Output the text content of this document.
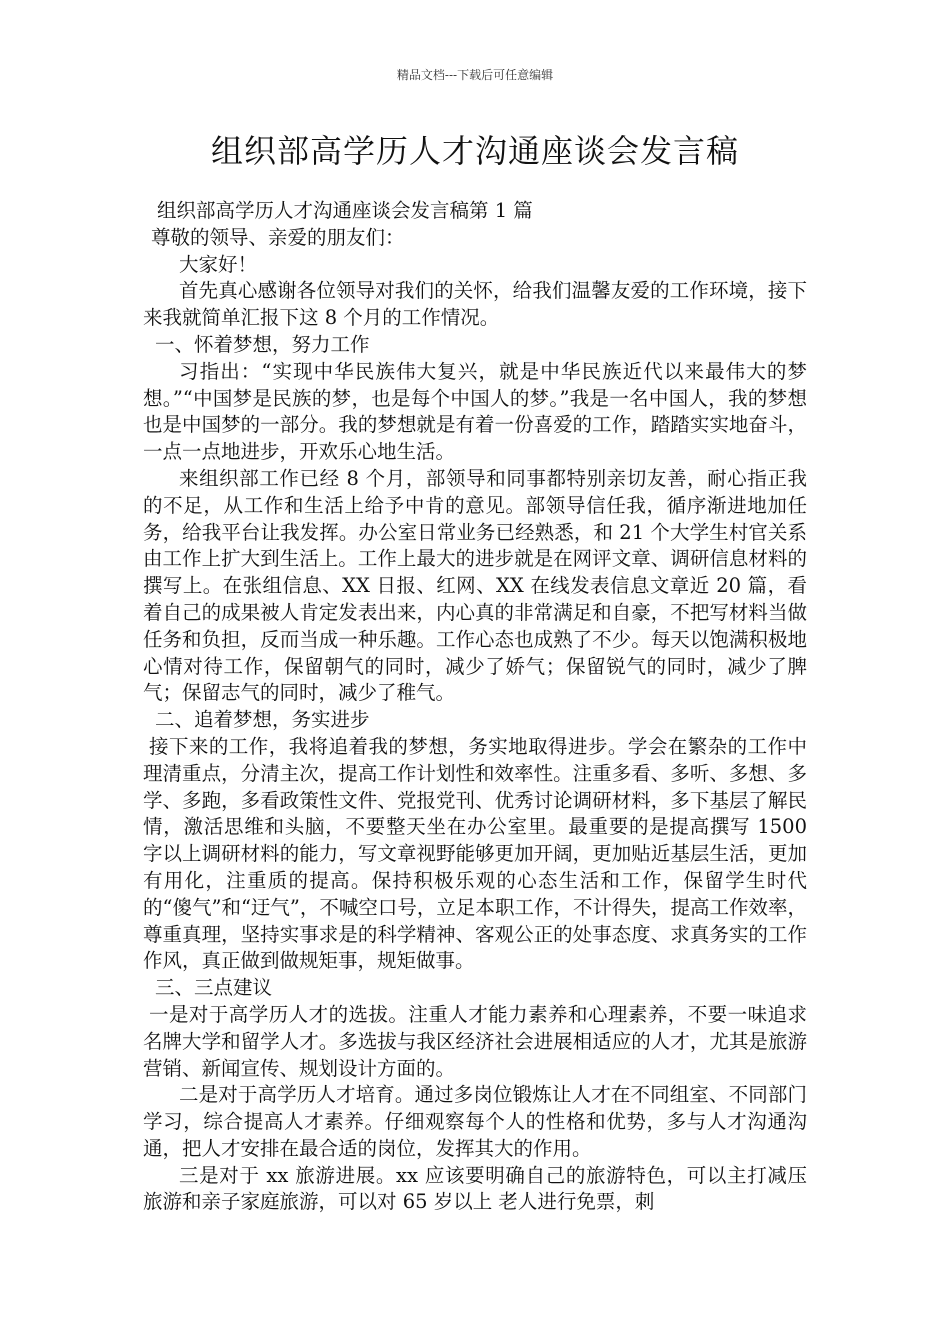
精品文档---下载后可任意编辑
组织部高学历人才沟通座谈会发言稿

组织部高学历人才沟通座谈会发言稿第 1 篇

尊敬的领导、亲爱的朋友们：

大家好！

首先真心感谢各位领导对我们的关怀，给我们温馨友爱的工作环境，接下来我就简单汇报下这 8 个月的工作情况。

一、怀着梦想，努力工作

习指出：“实现中华民族伟大复兴，就是中华民族近代以来最伟大的梦想。”“中国梦是民族的梦，也是每个中国人的梦。”我是一名中国人，我的梦想也是中国梦的一部分。我的梦想就是有着一份喜爱的工作，踏踏实实地奋斗，一点一点地进步，开欢乐心地生活。

来组织部工作已经 8 个月，部领导和同事都特别亲切友善，耐心指正我的不足，从工作和生活上给予中肯的意见。部领导信任我，循序渐进地加任务，给我平台让我发挥。办公室日常业务已经熟悉，和 21 个大学生村官关系由工作上扩大到生活上。工作上最大的进步就是在网评文章、调研信息材料的撰写上。在张组信息、XX 日报、红网、XX 在线发表信息文章近 20 篇，看着自己的成果被人肯定发表出来，内心真的非常满足和自豪，不把写材料当做任务和负担，反而当成一种乐趣。工作心态也成熟了不少。每天以饱满积极地心情对待工作，保留朝气的同时，减少了娇气；保留锐气的同时，减少了脾气；保留志气的同时，减少了稚气。

二、追着梦想，务实进步

接下来的工作，我将追着我的梦想，务实地取得进步。学会在繁杂的工作中理清重点，分清主次，提高工作计划性和效率性。注重多看、多听、多想、多学、多跑，多看政策性文件、党报党刊、优秀讨论调研材料，多下基层了解民情，激活思维和头脑，不要整天坐在办公室里。最重要的是提高撰写 1500 字以上调研材料的能力，写文章视野能够更加开阔，更加贴近基层生活，更加有用化，注重质的提高。保持积极乐观的心态生活和工作，保留学生时代的“傻气”和“迂气”，不喊空口号，立足本职工作，不计得失，提高工作效率，尊重真理，坚持实事求是的科学精神、客观公正的处事态度、求真务实的工作作风，真正做到做规矩事，规矩做事。

三、三点建议

一是对于高学历人才的选拔。注重人才能力素养和心理素养，不要一味追求名牌大学和留学人才。多选拔与我区经济社会进展相适应的人才，尤其是旅游营销、新闻宣传、规划设计方面的。

二是对于高学历人才培育。通过多岗位锻炼让人才在不同组室、不同部门学习，综合提高人才素养。仔细观察每个人的性格和优势，多与人才沟通沟通，把人才安排在最合适的岗位，发挥其大的作用。

三是对于 xx 旅游进展。xx 应该要明确自己的旅游特色，可以主打减压旅游和亲子家庭旅游，可以对 65 岁以上 老人进行免票，刺
